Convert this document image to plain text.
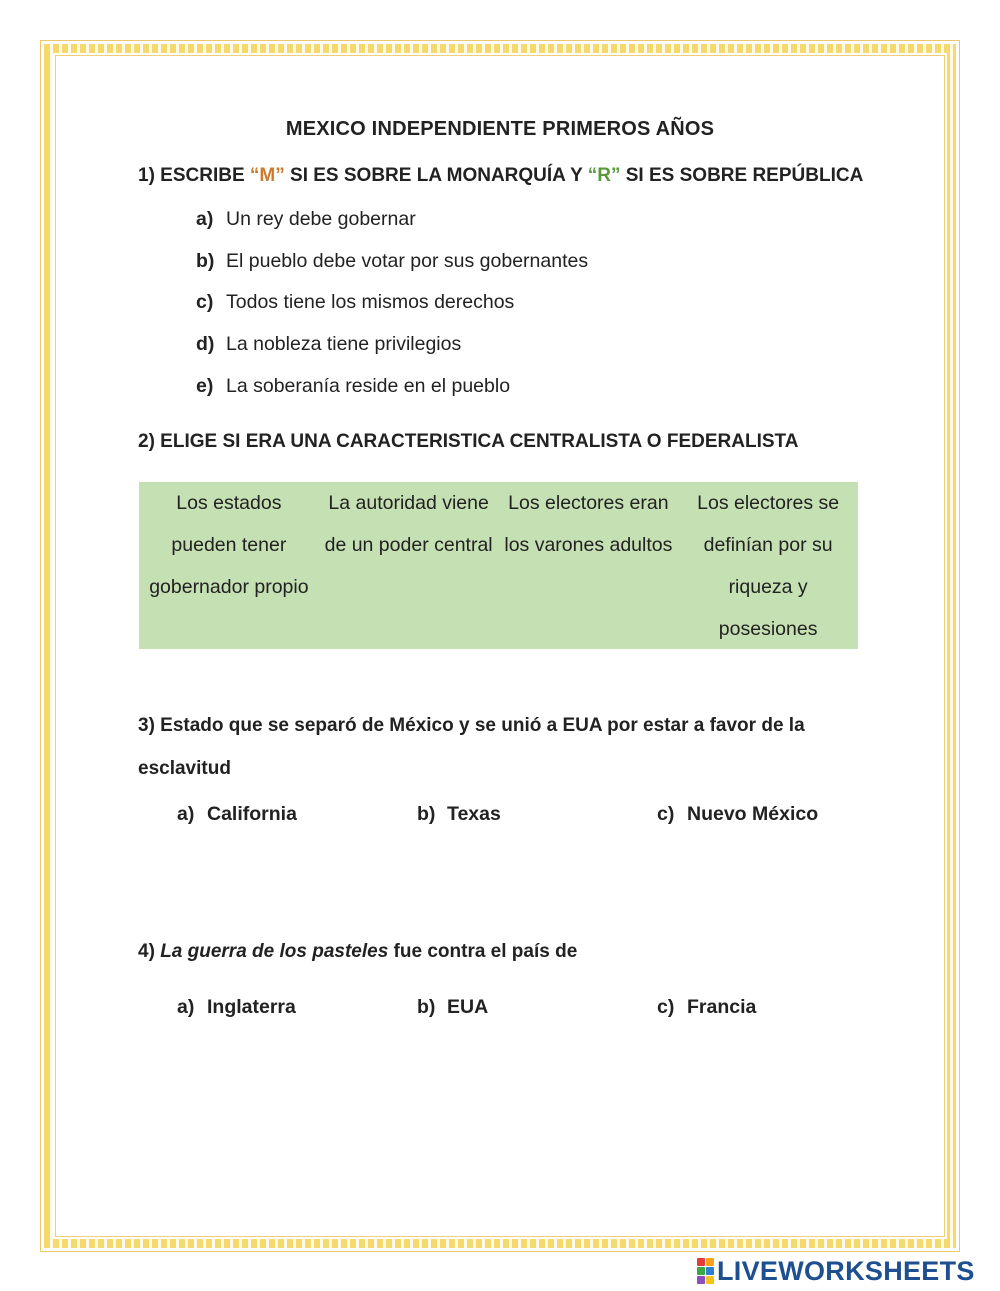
MEXICO INDEPENDIENTE PRIMEROS AÑOS
1) ESCRIBE “M” SI ES SOBRE LA MONARQUÍA Y “R” SI ES SOBRE REPÚBLICA
a) Un rey debe gobernar
b) El pueblo debe votar por sus gobernantes
c) Todos tiene los mismos derechos
d) La nobleza tiene privilegios
e) La soberanía reside en el pueblo
2) ELIGE SI ERA UNA CARACTERISTICA CENTRALISTA O FEDERALISTA
Los estados pueden tener gobernador propio
La autoridad viene de un poder central
Los electores eran los varones adultos
Los electores se definían por su riqueza y posesiones
3) Estado que se separó de México y se unió a EUA por estar a favor de la esclavitud
a) California	b) Texas	c) Nuevo México
4) La guerra de los pasteles fue contra el país de
a) Inglaterra	b) EUA	c) Francia
LIVEWORKSHEETS
